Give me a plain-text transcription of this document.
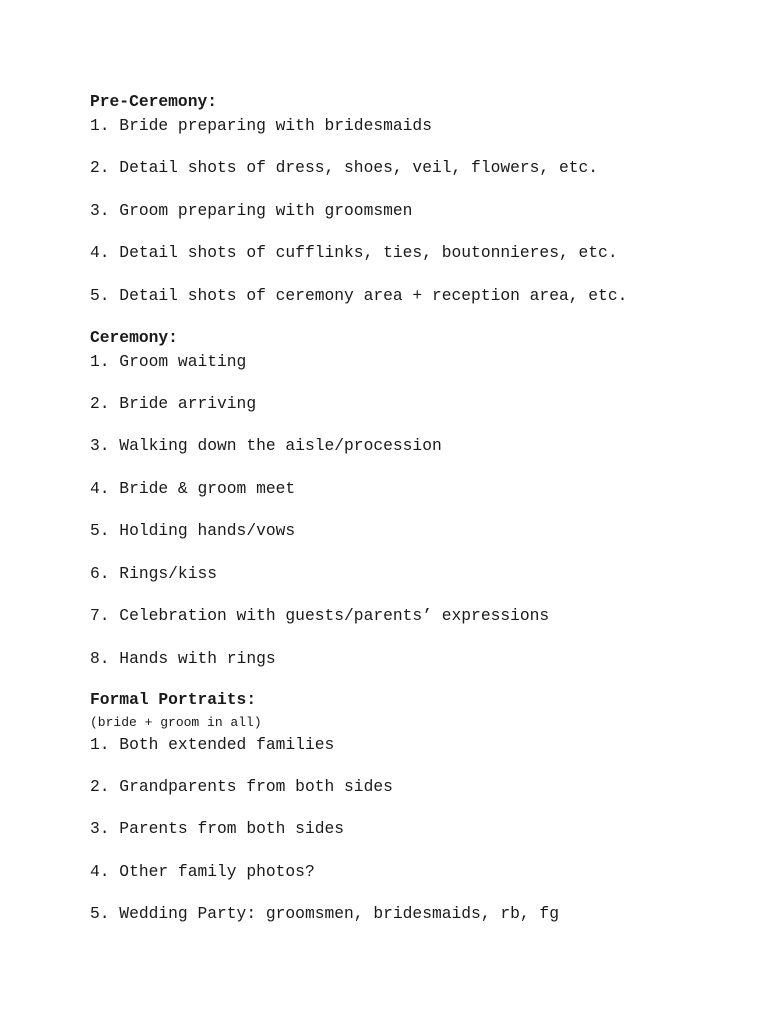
Pre-Ceremony:
1. Bride preparing with bridesmaids
2. Detail shots of dress, shoes, veil, flowers, etc.
3. Groom preparing with groomsmen
4. Detail shots of cufflinks, ties, boutonnieres, etc.
5. Detail shots of ceremony area + reception area, etc.
Ceremony:
1. Groom waiting
2. Bride arriving
3. Walking down the aisle/procession
4. Bride & groom meet
5. Holding hands/vows
6. Rings/kiss
7. Celebration with guests/parents’ expressions
8. Hands with rings
Formal Portraits:
(bride + groom in all)
1. Both extended families
2. Grandparents from both sides
3. Parents from both sides
4. Other family photos?
5. Wedding Party: groomsmen, bridesmaids, rb, fg
